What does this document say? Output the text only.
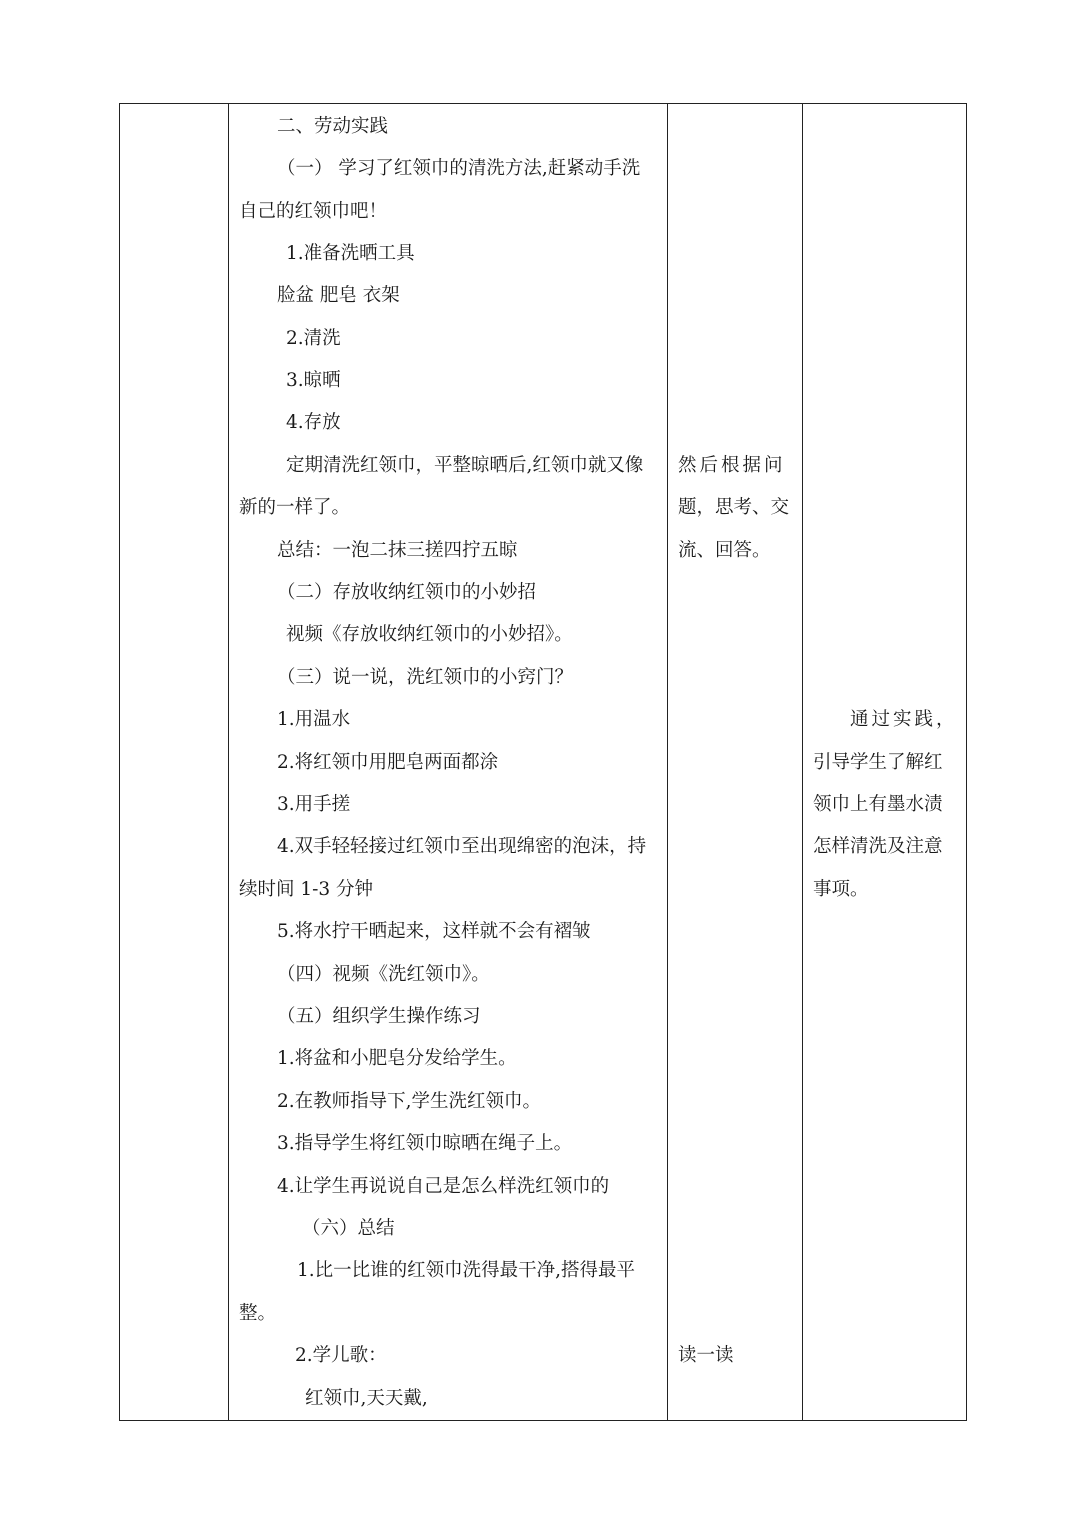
二、劳动实践
（一） 学习了红领巾的清洗方法,赶紧动手洗
自己的红领巾吧！
1.准备洗晒工具
脸盆 肥皂 衣架
2.清洗
3.晾晒
4.存放
定期清洗红领巾，平整晾晒后,红领巾就又像
新的一样了。
总结：一泡二抹三搓四拧五晾
（二）存放收纳红领巾的小妙招
视频《存放收纳红领巾的小妙招》。
（三）说一说，洗红领巾的小窍门？
1.用温水
2.将红领巾用肥皂两面都涂
3.用手搓
4.双手轻轻接过红领巾至出现绵密的泡沫，持
续时间 1-3 分钟
5.将水拧干晒起来，这样就不会有褶皱
（四）视频《洗红领巾》。
（五）组织学生操作练习
1.将盆和小肥皂分发给学生。
2.在教师指导下,学生洗红领巾。
3.指导学生将红领巾晾晒在绳子上。
4.让学生再说说自己是怎么样洗红领巾的
（六）总结
1.比一比谁的红领巾洗得最干净,搭得最平
整。
2.学儿歌：
红领巾,天天戴,

然后根据问
题，思考、交
流、回答。
读一读

通过实践，
引导学生了解红
领巾上有墨水渍
怎样清洗及注意
事项。
